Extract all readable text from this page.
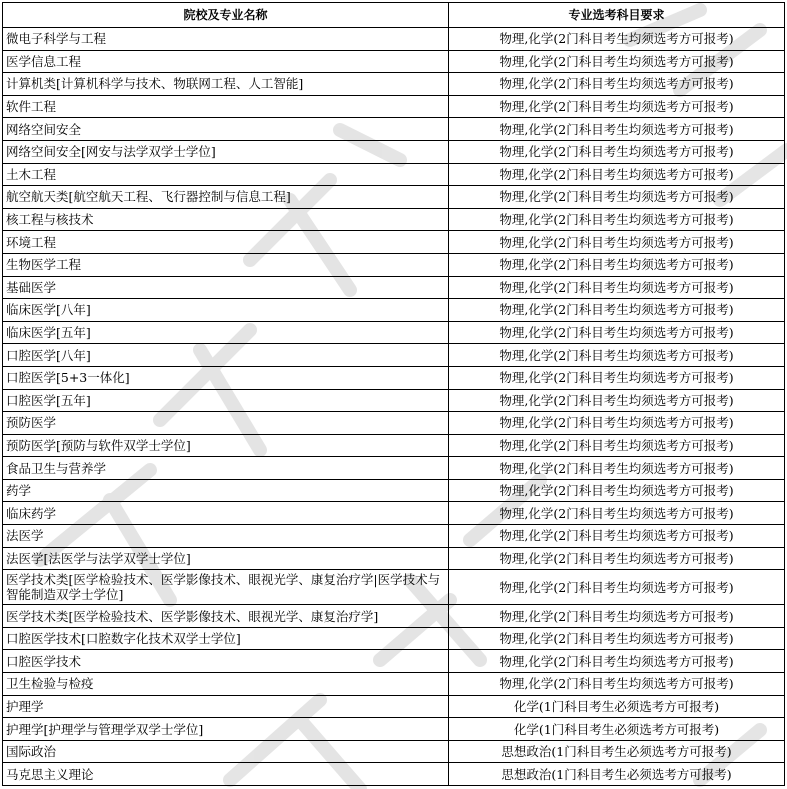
院校及专业名称	专业选考科目要求
微电子科学与工程	物理,化学(2门科目考生均须选考方可报考)
医学信息工程	物理,化学(2门科目考生均须选考方可报考)
计算机类[计算机科学与技术、物联网工程、人工智能]	物理,化学(2门科目考生均须选考方可报考)
软件工程	物理,化学(2门科目考生均须选考方可报考)
网络空间安全	物理,化学(2门科目考生均须选考方可报考)
网络空间安全[网安与法学双学士学位]	物理,化学(2门科目考生均须选考方可报考)
土木工程	物理,化学(2门科目考生均须选考方可报考)
航空航天类[航空航天工程、飞行器控制与信息工程]	物理,化学(2门科目考生均须选考方可报考)
核工程与核技术	物理,化学(2门科目考生均须选考方可报考)
环境工程	物理,化学(2门科目考生均须选考方可报考)
生物医学工程	物理,化学(2门科目考生均须选考方可报考)
基础医学	物理,化学(2门科目考生均须选考方可报考)
临床医学[八年]	物理,化学(2门科目考生均须选考方可报考)
临床医学[五年]	物理,化学(2门科目考生均须选考方可报考)
口腔医学[八年]	物理,化学(2门科目考生均须选考方可报考)
口腔医学[5+3一体化]	物理,化学(2门科目考生均须选考方可报考)
口腔医学[五年]	物理,化学(2门科目考生均须选考方可报考)
预防医学	物理,化学(2门科目考生均须选考方可报考)
预防医学[预防与软件双学士学位]	物理,化学(2门科目考生均须选考方可报考)
食品卫生与营养学	物理,化学(2门科目考生均须选考方可报考)
药学	物理,化学(2门科目考生均须选考方可报考)
临床药学	物理,化学(2门科目考生均须选考方可报考)
法医学	物理,化学(2门科目考生均须选考方可报考)
法医学[法医学与法学双学士学位]	物理,化学(2门科目考生均须选考方可报考)
医学技术类[医学检验技术、医学影像技术、眼视光学、康复治疗学|医学技术与智能制造双学士学位]	物理,化学(2门科目考生均须选考方可报考)
医学技术类[医学检验技术、医学影像技术、眼视光学、康复治疗学]	物理,化学(2门科目考生均须选考方可报考)
口腔医学技术[口腔数字化技术双学士学位]	物理,化学(2门科目考生均须选考方可报考)
口腔医学技术	物理,化学(2门科目考生均须选考方可报考)
卫生检验与检疫	物理,化学(2门科目考生均须选考方可报考)
护理学	化学(1门科目考生必须选考方可报考)
护理学[护理学与管理学双学士学位]	化学(1门科目考生必须选考方可报考)
国际政治	思想政治(1门科目考生必须选考方可报考)
马克思主义理论	思想政治(1门科目考生必须选考方可报考)
